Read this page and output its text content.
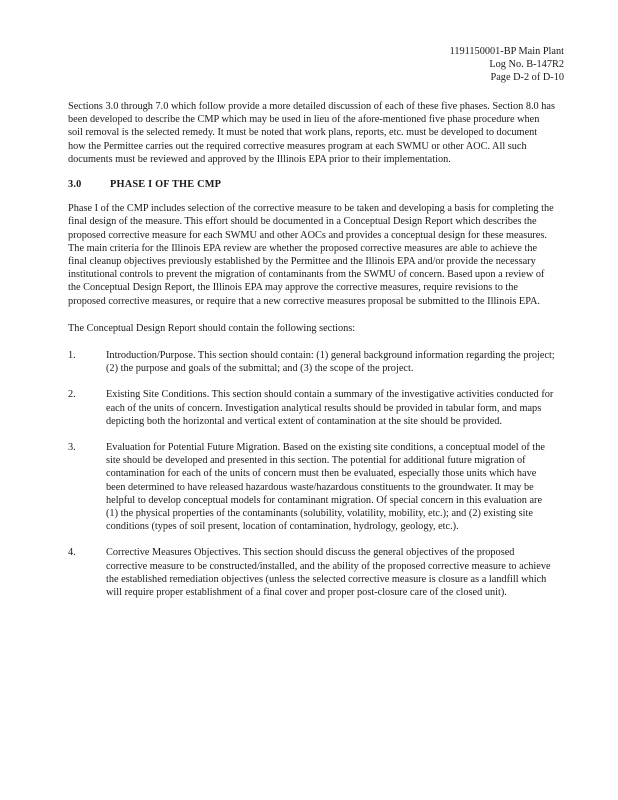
1191150001-BP Main Plant
Log No. B-147R2
Page D-2 of D-10

Sections 3.0 through 7.0 which follow provide a more detailed discussion of each of these five phases. Section 8.0 has been developed to describe the CMP which may be used in lieu of the afore-mentioned five phase procedure when soil removal is the selected remedy. It must be noted that work plans, reports, etc. must be developed to document how the Permittee carries out the required corrective measures program at each SWMU or other AOC. All such documents must be reviewed and approved by the Illinois EPA prior to their implementation.

3.0	PHASE I OF THE CMP

Phase I of the CMP includes selection of the corrective measure to be taken and developing a basis for completing the final design of the measure. This effort should be documented in a Conceptual Design Report which describes the proposed corrective measure for each SWMU and other AOCs and provides a conceptual design for these measures. The main criteria for the Illinois EPA review are whether the proposed corrective measures are able to achieve the final cleanup objectives previously established by the Permittee and the Illinois EPA and/or provide the necessary institutional controls to prevent the migration of contaminants from the SWMU of concern. Based upon a review of the Conceptual Design Report, the Illinois EPA may approve the corrective measures, require revisions to the proposed corrective measures, or require that a new corrective measures proposal be submitted to the Illinois EPA.

The Conceptual Design Report should contain the following sections:

1.	Introduction/Purpose. This section should contain: (1) general background information regarding the project; (2) the purpose and goals of the submittal; and (3) the scope of the project.
2.	Existing Site Conditions. This section should contain a summary of the investigative activities conducted for each of the units of concern. Investigation analytical results should be provided in tabular form, and maps depicting both the horizontal and vertical extent of contamination at the site should be provided.
3.	Evaluation for Potential Future Migration. Based on the existing site conditions, a conceptual model of the site should be developed and presented in this section. The potential for additional future migration of contamination for each of the units of concern must then be evaluated, especially those units which have been determined to have released hazardous waste/hazardous constituents to the groundwater. It may be helpful to develop conceptual models for contaminant migration. Of special concern in this evaluation are (1) the physical properties of the contaminants (solubility, volatility, mobility, etc.); and (2) existing site conditions (types of soil present, location of contamination, hydrology, geology, etc.).
4.	Corrective Measures Objectives. This section should discuss the general objectives of the proposed corrective measure to be constructed/installed, and the ability of the proposed corrective measure to achieve the established remediation objectives (unless the selected corrective measure is closure as a landfill which will require proper establishment of a final cover and proper post-closure care of the closed unit).
